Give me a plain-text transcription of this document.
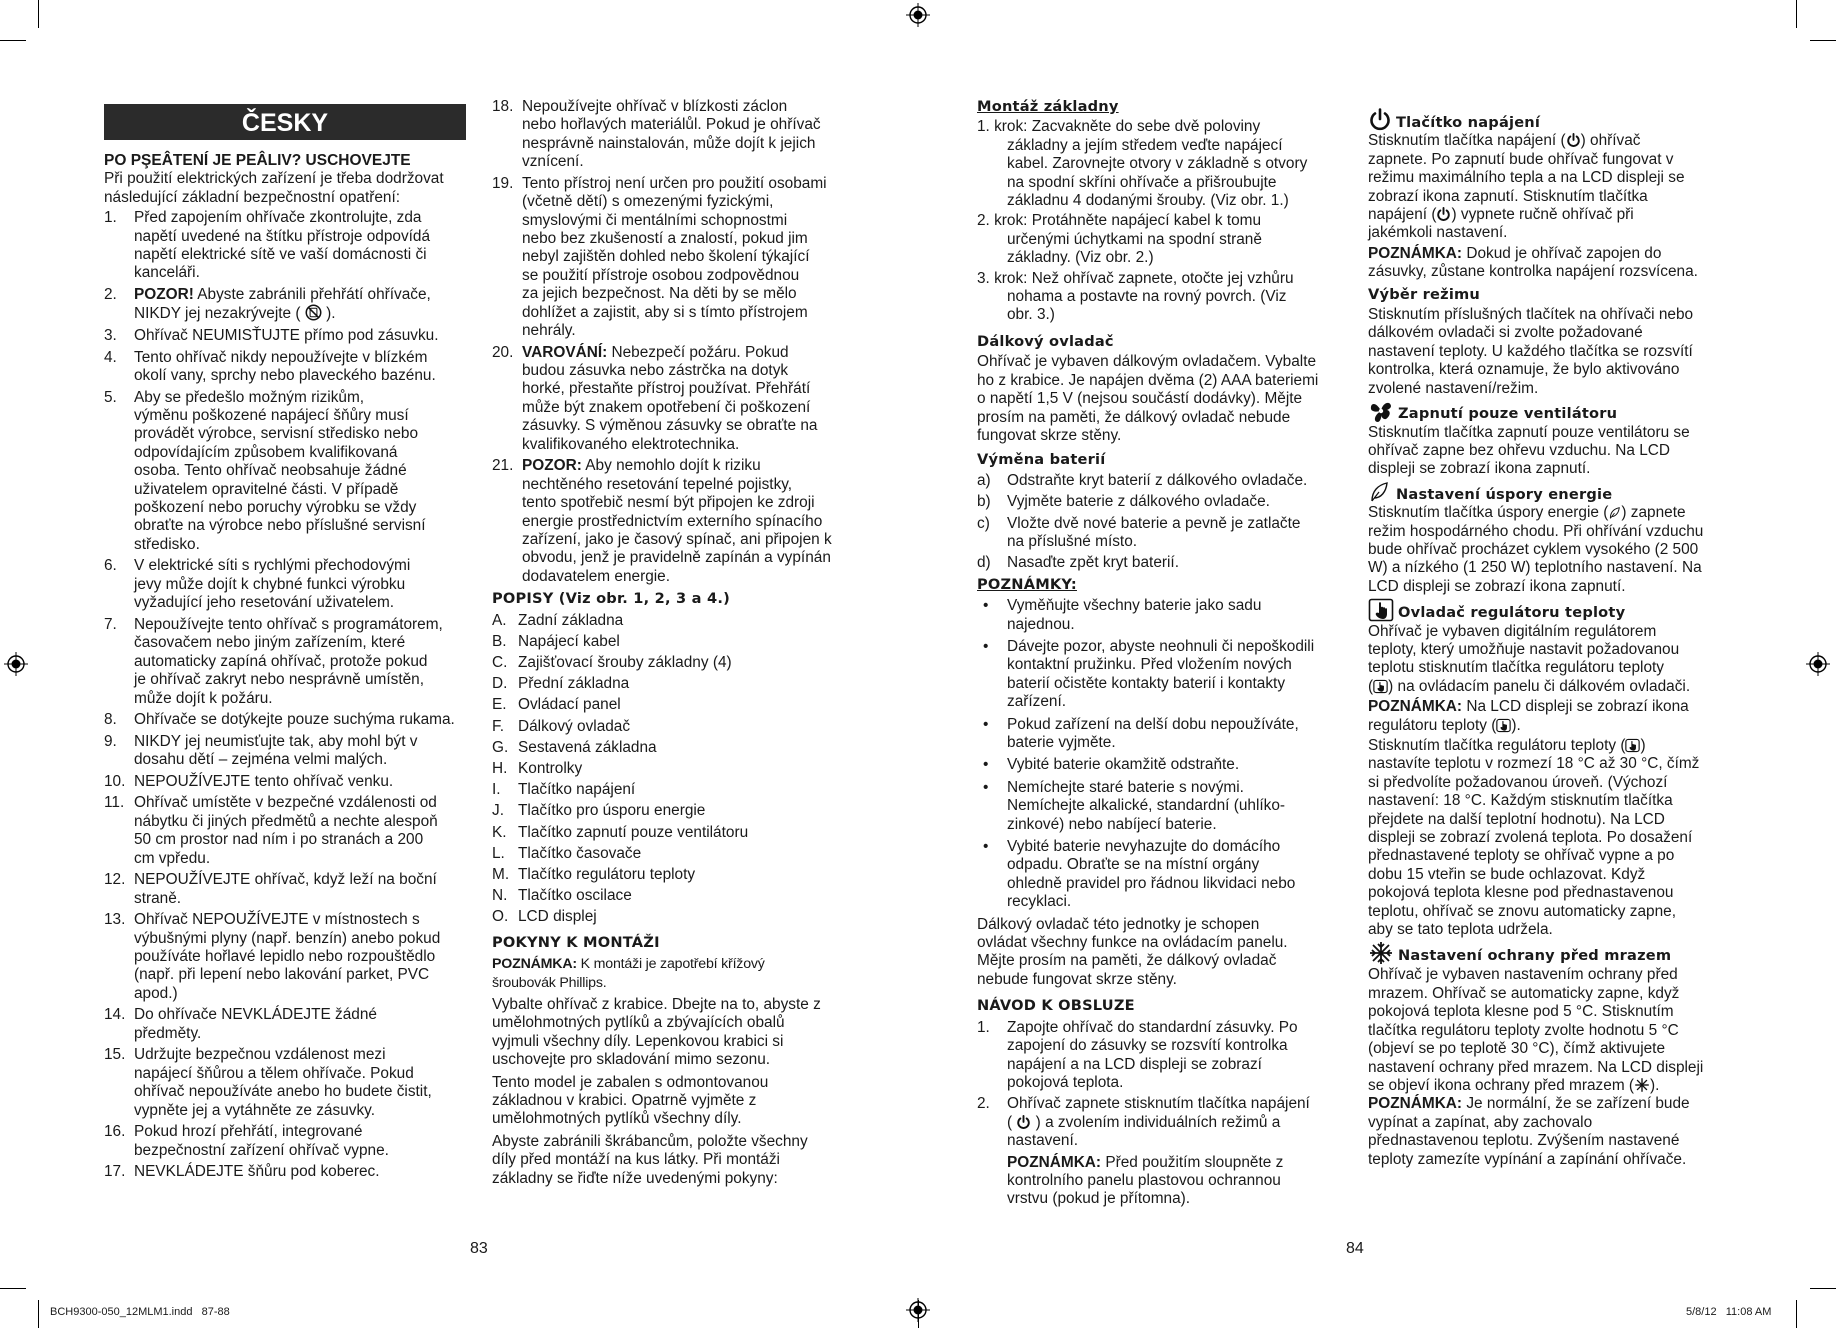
ČESKY

PO PŞEÂTENÍ JE PEÂLIV? USCHOVEJTE

Při použití elektrických zařízení je třeba dodržovat následující základní bezpečnostní opatření:

1. Před zapojením ohřívače zkontrolujte, zda
napětí uvedené na štítku přístroje odpovídá
napětí elektrické sítě ve vaší domácnosti či
kanceláři.
2. POZOR! Abyste zabránili přehřátí ohřívače,
NIKDY jej nezakrývejte (  ).
3. Ohřívač NEUMISŤUJTE přímo pod zásuvku.
4. Tento ohřívač nikdy nepoužívejte v blízkém
okolí vany, sprchy nebo plaveckého bazénu.
5. Aby se předešlo možným rizikům,
výměnu poškozené napájecí šňůry musí
provádět výrobce, servisní středisko nebo
odpovídajícím způsobem kvalifikovaná
osoba. Tento ohřívač neobsahuje žádné
uživatelem opravitelné části. V případě
poškození nebo poruchy výrobku se vždy
obraťte na výrobce nebo příslušné servisní
středisko.
6. V elektrické síti s rychlými přechodovými
jevy může dojít k chybné funkci výrobku
vyžadující jeho resetování uživatelem.
7. Nepoužívejte tento ohřívač s programátorem,
časovačem nebo jiným zařízením, které
automaticky zapíná ohřívač, protože pokud
je ohřívač zakryt nebo nesprávně umístěn,
může dojít k požáru.
8. Ohřívače se dotýkejte pouze suchýma rukama.
9. NIKDY jej neumisťujte tak, aby mohl být v
dosahu dětí – zejména velmi malých.
10. NEPOUŽÍVEJTE tento ohřívač venku.
11. Ohřívač umístěte v bezpečné vzdálenosti od
nábytku či jiných předmětů a nechte alespoň
50 cm prostor nad ním i po stranách a 200
cm vpředu.
12. NEPOUŽÍVEJTE ohřívač, když leží na boční
straně.
13. Ohřívač NEPOUŽÍVEJTE v místnostech s
výbušnými plyny (např. benzín) anebo pokud
používáte hořlavé lepidlo nebo rozpouštědlo
(např. při lepení nebo lakování parket, PVC
apod.)
14. Do ohřívače NEVKLÁDEJTE žádné
předměty.
15. Udržujte bezpečnou vzdálenost mezi
napájecí šňůrou a tělem ohřívače. Pokud
ohřívač nepoužíváte anebo ho budete čistit,
vypněte jej a vytáhněte ze zásuvky.
16. Pokud hrozí přehřátí, integrované
bezpečnostní zařízení ohřívač vypne.
17. NEVKLÁDEJTE šňůru pod koberec.
18. Nepoužívejte ohřívač v blízkosti záclon
nebo hořlavých materiálůl. Pokud je ohřívač
nesprávně nainstalován, může dojít k jejich
vznícení.
19. Tento přístroj není určen pro použití osobami
(včetně dětí) s omezenými fyzickými,
smyslovými či mentálními schopnostmi
nebo bez zkušeností a znalostí, pokud jim
nebyl zajištěn dohled nebo školení týkající
se použití přístroje osobou zodpovědnou
za jejich bezpečnost. Na děti by se mělo
dohlížet a zajistit, aby si s tímto přístrojem
nehrály.
20. VAROVÁNÍ: Nebezpečí požáru. Pokud
budou zásuvka nebo zástrčka na dotyk
horké, přestaňte přístroj používat. Přehřátí
může být znakem opotřebení či poškození
zásuvky. S výměnou zásuvky se obraťte na
kvalifikovaného elektrotechnika.
21. POZOR: Aby nemohlo dojít k riziku
nechtěného resetování tepelné pojistky,
tento spotřebič nesmí být připojen ke zdroji
energie prostřednictvím externího spínacího
zařízení, jako je časový spínač, ani připojen k
obvodu, jenž je pravidelně zapínán a vypínán
dodavatelem energie.

POPISY (Viz obr. 1, 2, 3 a 4.)

A. Zadní základna
B. Napájecí kabel
C. Zajišťovací šrouby základny (4)
D. Přední základna
E. Ovládací panel
F. Dálkový ovladač
G. Sestavená základna
H. Kontrolky
I. Tlačítko napájení
J. Tlačítko pro úsporu energie
K. Tlačítko zapnutí pouze ventilátoru
L. Tlačítko časovače
M. Tlačítko regulátoru teploty
N. Tlačítko oscilace
O. LCD displej

POKYNY K MONTÁŽI

POZNÁMKA: K montáži je zapotřebí křížový
šroubovák Phillips.

Vybalte ohřívač z krabice. Dbejte na to, abyste z
umělohmotných pytlíků a zbývajících obalů
vyjmuli všechny díly. Lepenkovou krabici si
uschovejte pro skladování mimo sezonu.

Tento model je zabalen s odmontovanou
základnou v krabici. Opatrně vyjměte z
umělohmotných pytlíků všechny díly.

Abyste zabránili škrábancům, položte všechny
díly před montáží na kus látky. Při montáži
základny se řiďte níže uvedenými pokyny:

Montáž základny

1. krok: Zacvakněte do sebe dvě poloviny
základny a jejím středem veďte napájecí
kabel. Zarovnejte otvory v základně s otvory
na spodní skříni ohřívače a přišroubujte
základnu 4 dodanými šrouby. (Viz obr. 1.)

2. krok: Protáhněte napájecí kabel k tomu
určenými úchytkami na spodní straně
základny. (Viz obr. 2.)

3. krok: Než ohřívač zapnete, otočte jej vzhůru
nohama a postavte na rovný povrch. (Viz
obr. 3.)

Dálkový ovladač

Ohřívač je vybaven dálkovým ovladačem. Vybalte
ho z krabice. Je napájen dvěma (2) AAA bateriemi
o napětí 1,5 V (nejsou součástí dodávky). Mějte
prosím na paměti, že dálkový ovladač nebude
fungovat skrze stěny.

Výměna baterií

a) Odstraňte kryt baterií z dálkového ovladače.
b) Vyjměte baterie z dálkového ovladače.
c) Vložte dvě nové baterie a pevně je zatlačte
na příslušné místo.
d) Nasaďte zpět kryt baterií.

POZNÁMKY:

• Vyměňujte všechny baterie jako sadu
najednou.
• Dávejte pozor, abyste neohnuli či nepoškodili
kontaktní pružinku. Před vložením nových
baterií očistěte kontakty baterií i kontakty
zařízení.
• Pokud zařízení na delší dobu nepoužíváte,
baterie vyjměte.
• Vybité baterie okamžitě odstraňte.
• Nemíchejte staré baterie s novými.
Nemíchejte alkalické, standardní (uhlíko-
zinkové) nebo nabíjecí baterie.
• Vybité baterie nevyhazujte do domácího
odpadu. Obraťte se na místní orgány
ohledně pravidel pro řádnou likvidaci nebo
recyklaci.
Dálkový ovladač této jednotky je schopen
ovládat všechny funkce na ovládacím panelu.
Mějte prosím na paměti, že dálkový ovladač
nebude fungovat skrze stěny.

NÁVOD K OBSLUZE

1. Zapojte ohřívač do standardní zásuvky. Po
zapojení do zásuvky se rozsvítí kontrolka
napájení a na LCD displeji se zobrazí
pokojová teplota.
2. Ohřívač zapnete stisknutím tlačítka napájení
(  ) a zvolením individuálních režimů a
nastavení.
POZNÁMKA: Před použitím sloupněte z
kontrolního panelu plastovou ochrannou
vrstvu (pokud je přítomna).

Tlačítko napájení

Stisknutím tlačítka napájení ( ) ohřívač
zapnete. Po zapnutí bude ohřívač fungovat v
režimu maximálního tepla a na LCD displeji se
zobrazí ikona zapnutí. Stisknutím tlačítka
napájení ( ) vypnete ručně ohřívač při
jakémkoli nastavení.

POZNÁMKA: Dokud je ohřívač zapojen do
zásuvky, zůstane kontrolka napájení rozsvícena.

Výběr režimu

Stisknutím příslušných tlačítek na ohřívači nebo
dálkovém ovladači si zvolte požadované
nastavení teploty. U každého tlačítka se rozsvítí
kontrolka, která oznamuje, že bylo aktivováno
zvolené nastavení/režim.

Zapnutí pouze ventilátoru

Stisknutím tlačítka zapnutí pouze ventilátoru se
ohřívač zapne bez ohřevu vzduchu. Na LCD
displeji se zobrazí ikona zapnutí.

Nastavení úspory energie

Stisknutím tlačítka úspory energie ( ) zapnete
režim hospodárného chodu. Při ohřívání vzduchu
bude ohřívač procházet cyklem vysokého (2 500
W) a nízkého (1 250 W) teplotního nastavení. Na
LCD displeji se zobrazí ikona zapnutí.

Ovladač regulátoru teploty

Ohřívač je vybaven digitálním regulátorem
teploty, který umožňuje nastavit požadovanou
teplotu stisknutím tlačítka regulátoru teploty
( ) na ovládacím panelu či dálkovém ovladači.

POZNÁMKA: Na LCD displeji se zobrazí ikona
regulátoru teploty ( ).

Stisknutím tlačítka regulátoru teploty ( )
nastavíte teplotu v rozmezí 18 °C až 30 °C, čímž
si předvolíte požadovanou úroveň. (Výchozí
nastavení: 18 °C. Každým stisknutím tlačítka
přejdete na další teplotní hodnotu). Na LCD
displeji se zobrazí zvolená teplota. Po dosažení
přednastavené teploty se ohřívač vypne a po
dobu 15 vteřin se bude ochlazovat. Když
pokojová teplota klesne pod přednastavenou
teplotu, ohřívač se znovu automaticky zapne,
aby se tato teplota udržela.

Nastavení ochrany před mrazem

Ohřívač je vybaven nastavením ochrany před
mrazem. Ohřívač se automaticky zapne, když
pokojová teplota klesne pod 5 °C. Stisknutím
tlačítka regulátoru teploty zvolte hodnotu 5 °C
(objeví se po teplotě 30 °C), čímž aktivujete
nastavení ochrany před mrazem. Na LCD displeji
se objeví ikona ochrany před mrazem ( ).

POZNÁMKA: Je normální, že se zařízení bude
vypínat a zapínat, aby zachovalo
přednastavenou teplotu. Zvýšením nastavené
teploty zamezíte vypínání a zapínání ohřívače.

83	84
BCH9300-050_12MLM1.indd   87-88	5/8/12   11:08 AM
